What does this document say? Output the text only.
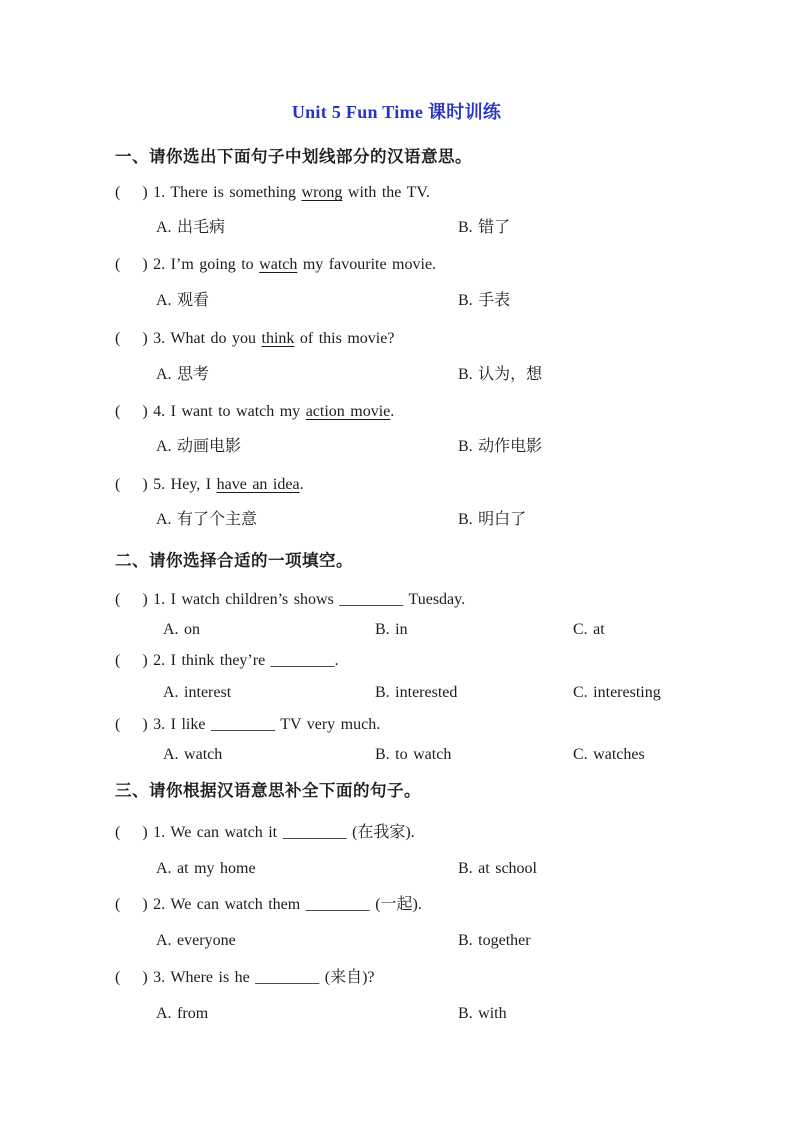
Unit 5 Fun Time 课时训练
一、请你选出下面句子中划线部分的汉语意思。
(    ) 1. There is something wrong with the TV.
A. 出毛病	B. 错了
(    ) 2. I’m going to watch my favourite movie.
A. 观看	B. 手表
(    ) 3. What do you think of this movie?
A. 思考	B. 认为，想
(    ) 4. I want to watch my action movie.
A. 动画电影	B. 动作电影
(    ) 5. Hey, I have an idea.
A. 有了个主意	B. 明白了
二、请你选择合适的一项填空。
(    ) 1. I watch children’s shows ________ Tuesday.
A. on	B. in	C. at
(    ) 2. I think they’re ________.
A. interest	B. interested	C. interesting
(    ) 3. I like ________ TV very much.
A. watch	B. to watch	C. watches
三、请你根据汉语意思补全下面的句子。
(    ) 1. We can watch it ________ (在我家).
A. at my home	B. at school
(    ) 2. We can watch them ________ (一起).
A. everyone	B. together
(    ) 3. Where is he ________ (来自)?
A. from	B. with
